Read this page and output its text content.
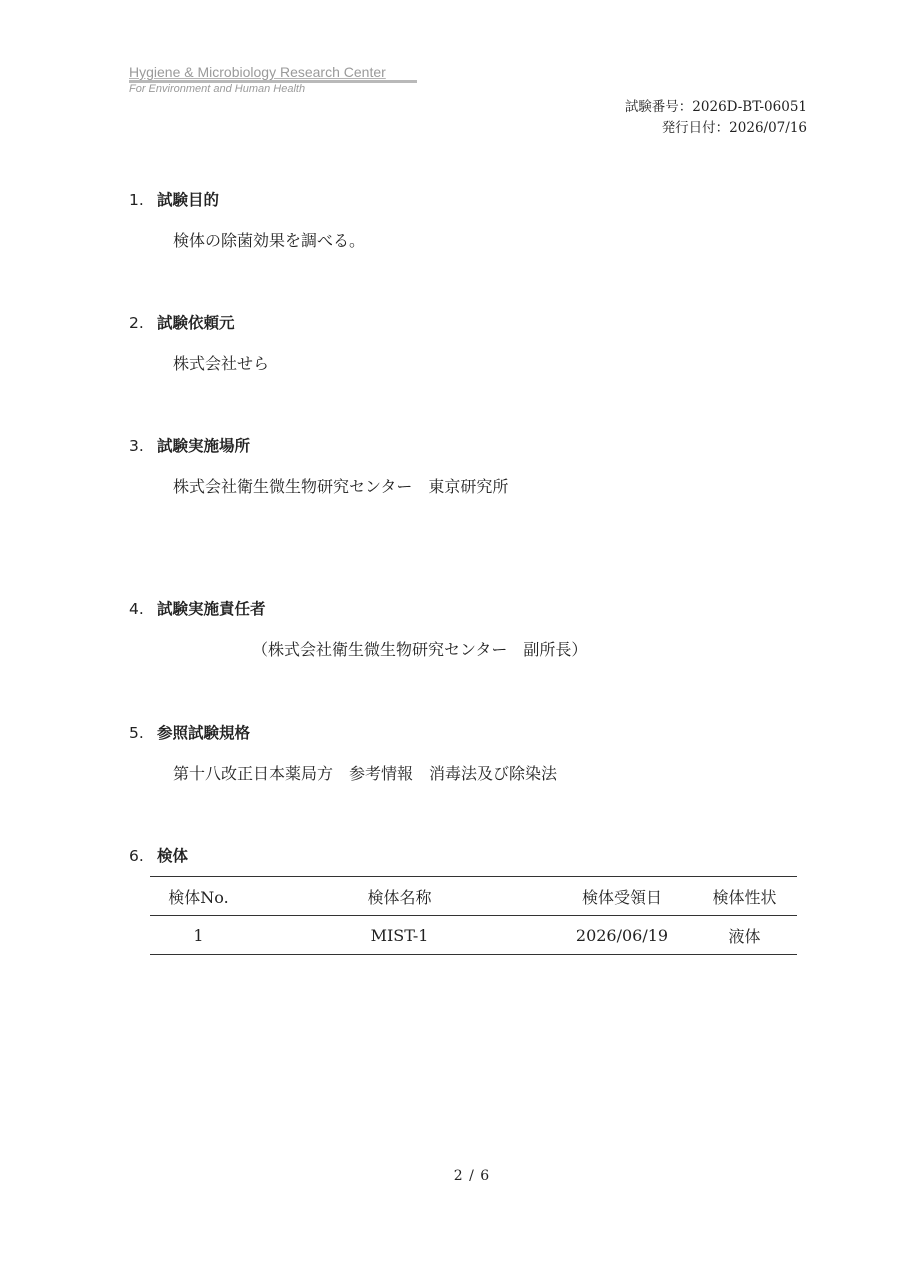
Hygiene & Microbiology Research Center
For Environment and Human Health
試験番号：2026D-BT-06051
発行日付：2026/07/16
1. 試験目的
検体の除菌効果を調べる。
2. 試験依頼元
株式会社せら
3. 試験実施場所
株式会社衛生微生物研究センター　東京研究所
4. 試験実施責任者
（株式会社衛生微生物研究センター　副所長）
5. 参照試験規格
第十八改正日本薬局方　参考情報　消毒法及び除染法
6. 検体
検体No.	検体名称	検体受領日	検体性状
1	MIST-1	2026/06/19	液体
2 / 6
